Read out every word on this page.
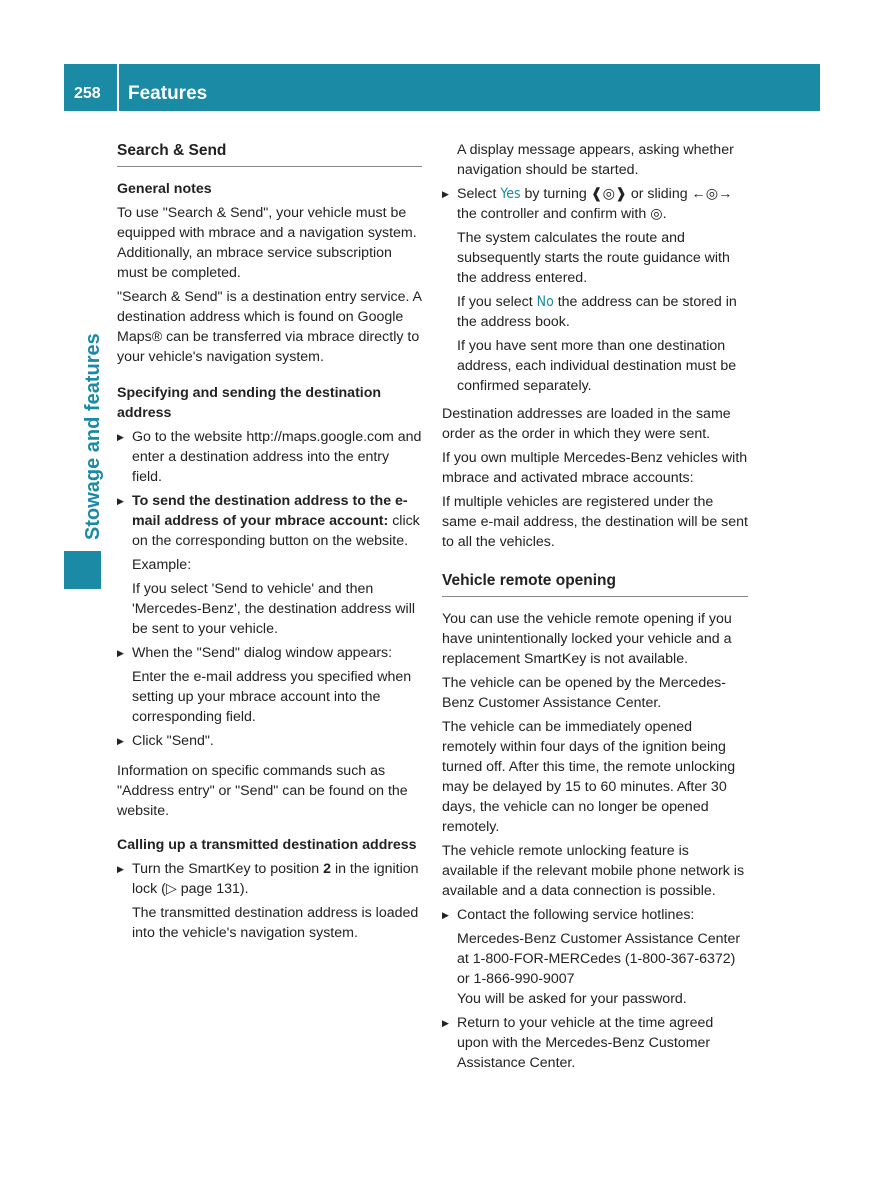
258 Features
Stowage and features
Search & Send
General notes

To use "Search & Send", your vehicle must be equipped with mbrace and a navigation system. Additionally, an mbrace service subscription must be completed.

"Search & Send" is a destination entry service. A destination address which is found on Google Maps® can be transferred via mbrace directly to your vehicle's navigation system.

Specifying and sending the destination address
▶ Go to the website http://maps.google.com and enter a destination address into the entry field.
▶ To send the destination address to the e-mail address of your mbrace account: click on the corresponding button on the website.
Example:
If you select 'Send to vehicle' and then 'Mercedes-Benz', the destination address will be sent to your vehicle.
▶ When the "Send" dialog window appears:
Enter the e-mail address you specified when setting up your mbrace account into the corresponding field.
▶ Click "Send".

Information on specific commands such as "Address entry" or "Send" can be found on the website.

Calling up a transmitted destination address
▶ Turn the SmartKey to position 2 in the ignition lock (▷ page 131).
The transmitted destination address is loaded into the vehicle's navigation system.
A display message appears, asking whether navigation should be started.
▶ Select Yes by turning ❰◎❱ or sliding ←◎→ the controller and confirm with ◎.
The system calculates the route and subsequently starts the route guidance with the address entered.
If you select No the address can be stored in the address book.
If you have sent more than one destination address, each individual destination must be confirmed separately.

Destination addresses are loaded in the same order as the order in which they were sent.

If you own multiple Mercedes-Benz vehicles with mbrace and activated mbrace accounts:

If multiple vehicles are registered under the same e-mail address, the destination will be sent to all the vehicles.

Vehicle remote opening

You can use the vehicle remote opening if you have unintentionally locked your vehicle and a replacement SmartKey is not available.

The vehicle can be opened by the Mercedes-Benz Customer Assistance Center.

The vehicle can be immediately opened remotely within four days of the ignition being turned off. After this time, the remote unlocking may be delayed by 15 to 60 minutes. After 30 days, the vehicle can no longer be opened remotely.

The vehicle remote unlocking feature is available if the relevant mobile phone network is available and a data connection is possible.

▶ Contact the following service hotlines:
Mercedes-Benz Customer Assistance Center at 1-800-FOR-MERCedes (1-800-367-6372) or 1-866-990-9007
You will be asked for your password.
▶ Return to your vehicle at the time agreed upon with the Mercedes-Benz Customer Assistance Center.
